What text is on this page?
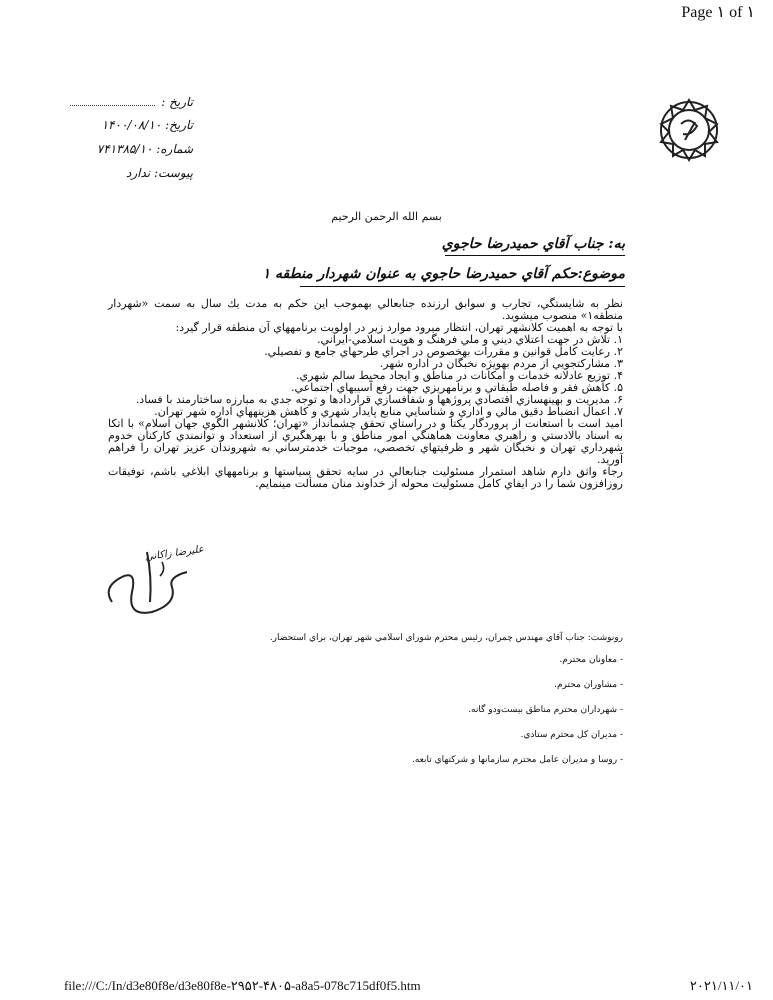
Page ١ of ١
تاریخ :
تاریخ: ۱۴۰۰/۰۸/۱۰
شماره: ۷۴۱۳۸۵/۱۰
پیوست: ندارد
بسم الله الرحمن الرحيم
به: جناب آقاي حميدرضا حاجوي
موضوع:حكم آقاي حميدرضا حاجوي به عنوان شهردار منطقه ۱

نظر به شايستگي، تجارب و سوابق ارزنده جنابعالي بهموجب اين حكم به مدت يك سال به سمت «شهردار منطقه۱» منصوب ميشويد.

با توجه به اهميت كلانشهر تهران، انتظار ميرود موارد زير در اولويت برنامههاي آن منطقه قرار گيرد:

۱. تلاش در جهت اعتلاي ديني و ملي فرهنگ و هويت اسلامي-ايراني.

۲. رعايت كامل قوانين و مقررات بهخصوص در اجراي طرحهاي جامع و تفصيلي.

۳. مشاركتجويي از مردم بهويژه نخبگان در اداره شهر.

۴. توزيع عادلانه خدمات و امكانات در مناطق و ايجاد محيط سالم شهري.

۵. كاهش فقر و فاصله طبقاتي و برنامهريزي جهت رفع آسيبهاي اجتماعي.

۶. مديريت و بهينهسازي اقتصادي پروژهها و شفافسازي قراردادها و توجه جدي به مبارزه ساختارمند با فساد.

۷. اعمال انضباط دقيق مالي و اداري و شناسايي منابع پايدار شهري و كاهش هزينههاي اداره شهر تهران.

اميد است با استعانت از پروردگار يكتا و در راستاي تحقق چشمانداز «تهران؛ كلانشهر الگوي جهان اسلام» با اتكا به اسناد بالادستي و راهبري معاونت هماهنگي امور مناطق و با بهرهگيري از استعداد و توانمندي كاركنان خدوم شهرداري تهران و نخبگان شهر و ظرفيتهاي تخصصي، موجبات خدمترساني به شهروندان عزيز تهران را فراهم آوريد.

رجاء واثق دارم شاهد استمرار مسئوليت جنابعالي در سايه تحقق سياستها و برنامههاي ابلاغي باشم، توفيقات روزافزون شما را در ايفاي كامل مسئوليت محوله از خداوند منان مسألت مينمايم.

عليرضا زاكاني

رونوشت: جناب آقاي مهندس چمران، رئيس محترم شوراي اسلامي شهر تهران، براي استحضار.

- معاونان محترم.

- مشاوران محترم.

- شهرداران محترم مناطق بيست‌و‌دو گانه.

- مديران كل محترم ستادي.

- روسا و مديران عامل محترم سازمانها و شركتهاي تابعه.

file:///C:/In/d3e80f8e/d3e80f8e-۲۹۵۲-۴۸۰۵-a8a5-078c715df0f5.htm	۲۰۲۱/۱۱/۰۱
